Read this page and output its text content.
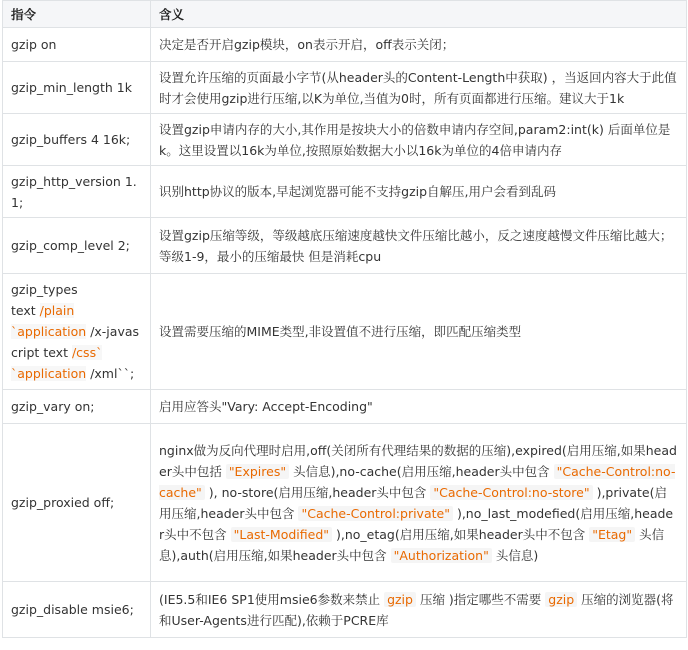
指令	含义
gzip on	决定是否开启gzip模块，on表示开启，off表示关闭；
gzip_min_length 1k	设置允许压缩的页面最小字节(从header头的Content-Length中获取) ，当返回内容大于此值时才会使用gzip进行压缩,以K为单位,当值为0时，所有页面都进行压缩。建议大于1k
gzip_buffers 4 16k;	设置gzip申请内存的大小,其作用是按块大小的倍数申请内存空间,param2:int(k) 后面单位是k。这里设置以16k为单位,按照原始数据大小以16k为单位的4倍申请内存
gzip_http_version 1.1;	识别http协议的版本,早起浏览器可能不支持gzip自解压,用户会看到乱码
gzip_comp_level 2;	设置gzip压缩等级，等级越底压缩速度越快文件压缩比越小，反之速度越慢文件压缩比越大；等级1-9，最小的压缩最快 但是消耗cpu
gzip_types
text /plain
`application /x-javascript text /css`
`application /xml``;	设置需要压缩的MIME类型,非设置值不进行压缩，即匹配压缩类型
gzip_vary on;	启用应答头"Vary: Accept-Encoding"
gzip_proxied off;	nginx做为反向代理时启用,off(关闭所有代理结果的数据的压缩),expired(启用压缩,如果header头中包括 "Expires" 头信息),no-cache(启用压缩,header头中包含 "Cache-Control:no-cache" ), no-store(启用压缩,header头中包含 "Cache-Control:no-store" ),private(启用压缩,header头中包含 "Cache-Control:private" ),no_last_modefied(启用压缩,header头中不包含 "Last-Modified" ),no_etag(启用压缩,如果header头中不包含 "Etag" 头信息),auth(启用压缩,如果header头中包含 "Authorization" 头信息)
gzip_disable msie6;	(IE5.5和IE6 SP1使用msie6参数来禁止 gzip 压缩 )指定哪些不需要 gzip 压缩的浏览器(将和User-Agents进行匹配),依赖于PCRE库
